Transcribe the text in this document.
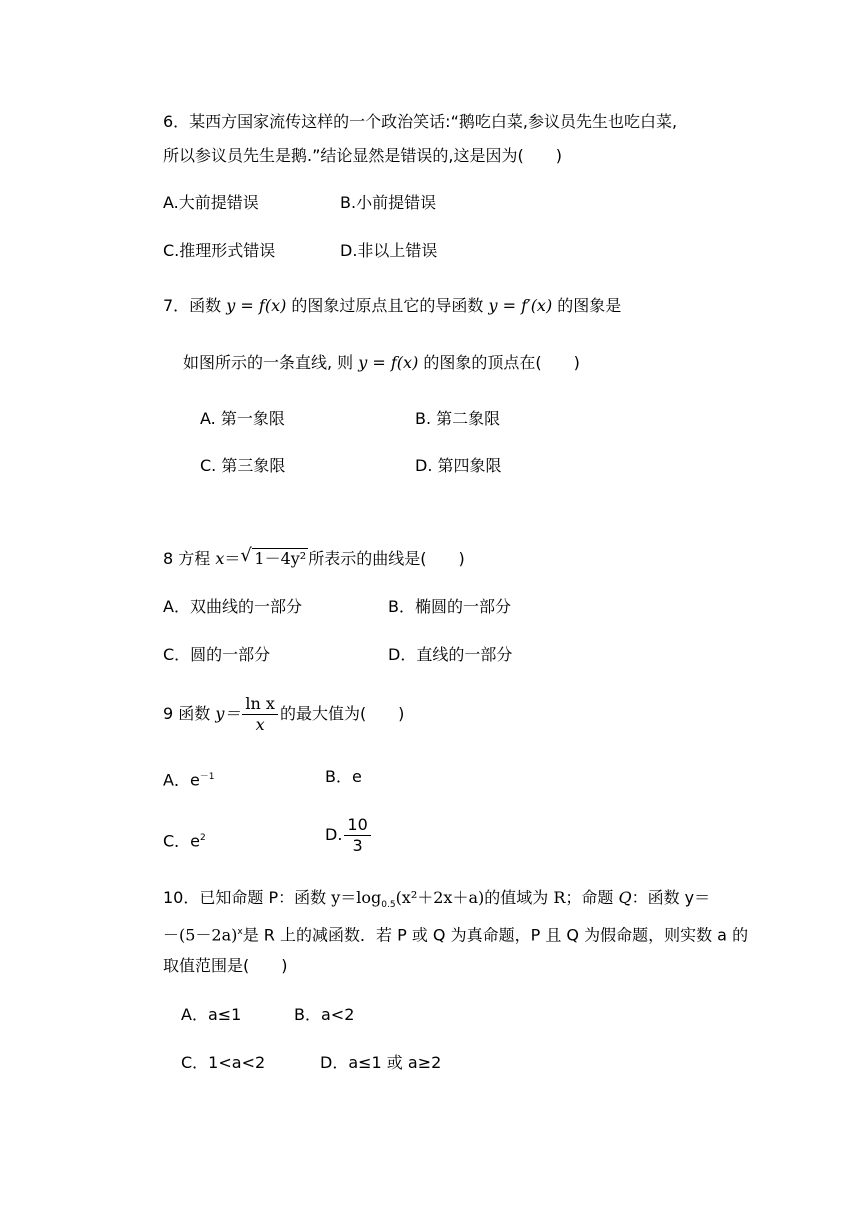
6．某西方国家流传这样的一个政治笑话:“鹅吃白菜,参议员先生也吃白菜,
所以参议员先生是鹅.”结论显然是错误的,这是因为(　　)
A.大前提错误	B.小前提错误
C.推理形式错误	D.非以上错误
7．函数 y = f(x) 的图象过原点且它的导函数 y = f′(x) 的图象是
如图所示的一条直线, 则 y = f(x) 的图象的顶点在(　　)
A. 第一象限	B. 第二象限
C. 第三象限	D. 第四象限
8 方程 x＝ √ 1－4y² 所表示的曲线是(　　)
A．双曲线的一部分	B．椭圆的一部分
C．圆的一部分	D．直线的一部分
9 函数 $y= \frac{\text{ln x}}{x}$ 的最大值为(　　)
A．$e^{-1}$	B．e
C．$e^2$	D. $\frac{10}{3}$
10．已知命题 P：函数 $y=\log_{0.5}(x^2+2x+a)$的值域为 R；命题 Q：函数 y＝
$-(5-2a)^x$是 R 上的减函数．若 P 或 Q 为真命题，P 且 Q 为假命题，则实数 a 的
取值范围是(　　)
A．a≤1	B．a<2
C．1<a<2	D．a≤1 或 a≥2
